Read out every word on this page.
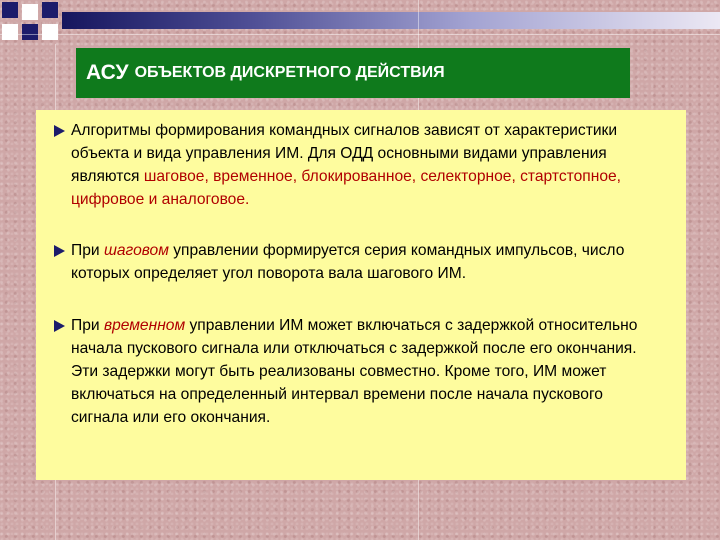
АСУ ОБЪЕКТОВ ДИСКРЕТНОГО ДЕЙСТВИЯ
Алгоритмы формирования командных сигналов зависят от характеристики объекта и вида управления ИМ. Для ОДД основными видами управления являются шаговое, временное, блокированное, селекторное, стартстопное, цифровое и аналоговое.
При шаговом управлении формируется серия командных импульсов, число которых определяет угол поворота вала шагового ИМ.
При временном управлении ИМ может включаться с задержкой относительно начала пускового сигнала или отключаться с задержкой после его окончания. Эти задержки могут быть реализованы совместно. Кроме того, ИМ может включаться на определенный интервал времени после начала пускового сигнала или его окончания.
